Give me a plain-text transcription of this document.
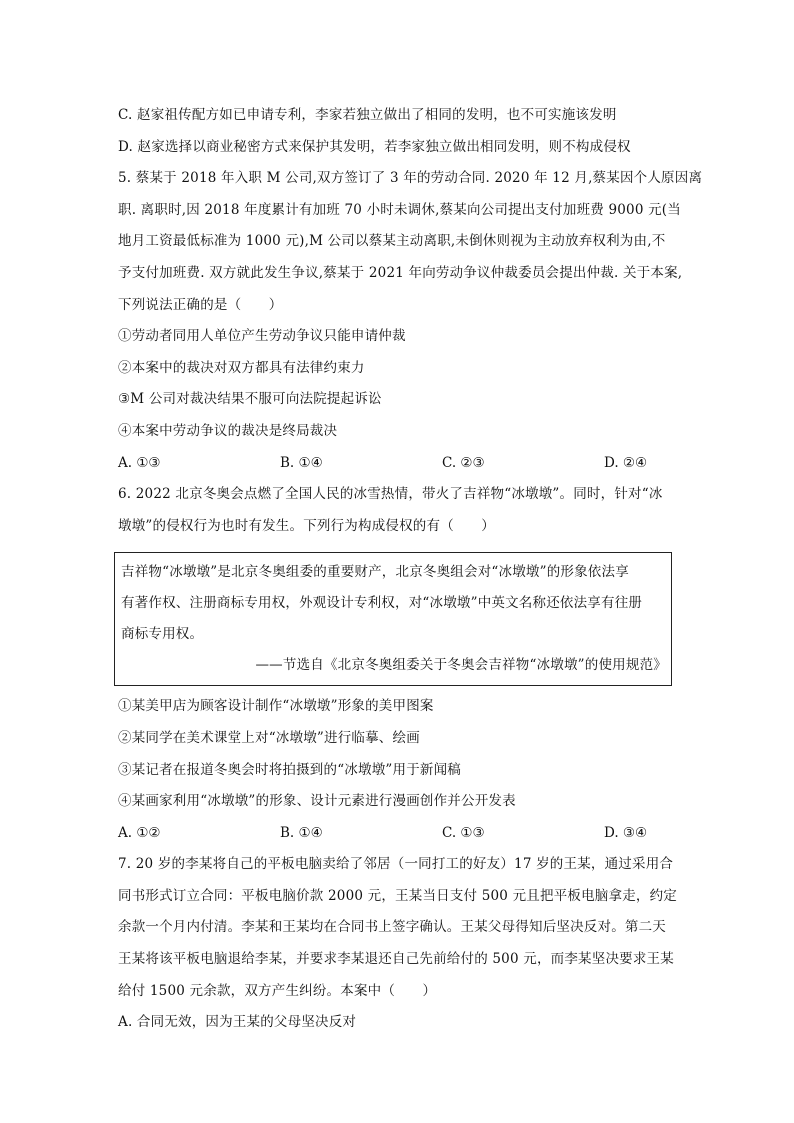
C. 赵家祖传配方如已申请专利，李家若独立做出了相同的发明，也不可实施该发明
D. 赵家选择以商业秘密方式来保护其发明，若李家独立做出相同发明，则不构成侵权
5. 蔡某于 2018 年入职 M 公司,双方签订了 3 年的劳动合同. 2020 年 12 月,蔡某因个人原因离
职. 离职时,因 2018 年度累计有加班 70 小时未调休,蔡某向公司提出支付加班费 9000 元(当
地月工资最低标准为 1000 元),M 公司以蔡某主动离职,未倒休则视为主动放弃权利为由,不
予支付加班费. 双方就此发生争议,蔡某于 2021 年向劳动争议仲裁委员会提出仲裁. 关于本案,
下列说法正确的是（　　）
①劳动者同用人单位产生劳动争议只能申请仲裁
②本案中的裁决对双方都具有法律约束力
③M 公司对裁决结果不服可向法院提起诉讼
④本案中劳动争议的裁决是终局裁决
A. ①③	B. ①④	C. ②③	D. ②④
6. 2022 北京冬奥会点燃了全国人民的冰雪热情，带火了吉祥物“冰墩墩”。同时，针对“冰
墩墩”的侵权行为也时有发生。下列行为构成侵权的有（　　）
吉祥物“冰墩墩”是北京冬奥组委的重要财产，北京冬奥组会对“冰墩墩”的形象依法享
有著作权、注册商标专用权，外观设计专利权，对“冰墩墩”中英文名称还依法享有往册
商标专用权。
——节选自《北京冬奥组委关于冬奥会吉祥物“冰墩墩”的使用规范》
①某美甲店为顾客设计制作“冰墩墩”形象的美甲图案
②某同学在美术课堂上对“冰墩墩”进行临摹、绘画
③某记者在报道冬奥会时将拍摄到的“冰墩墩”用于新闻稿
④某画家利用“冰墩墩”的形象、设计元素进行漫画创作并公开发表
A. ①②	B. ①④	C. ①③	D. ③④
7. 20 岁的李某将自己的平板电脑卖给了邻居（一同打工的好友）17 岁的王某，通过采用合
同书形式订立合同：平板电脑价款 2000 元，王某当日支付 500 元且把平板电脑拿走，约定
余款一个月内付清。李某和王某均在合同书上签字确认。王某父母得知后坚决反对。第二天
王某将该平板电脑退给李某，并要求李某退还自己先前给付的 500 元，而李某坚决要求王某
给付 1500 元余款，双方产生纠纷。本案中（　　）
A. 合同无效，因为王某的父母坚决反对
